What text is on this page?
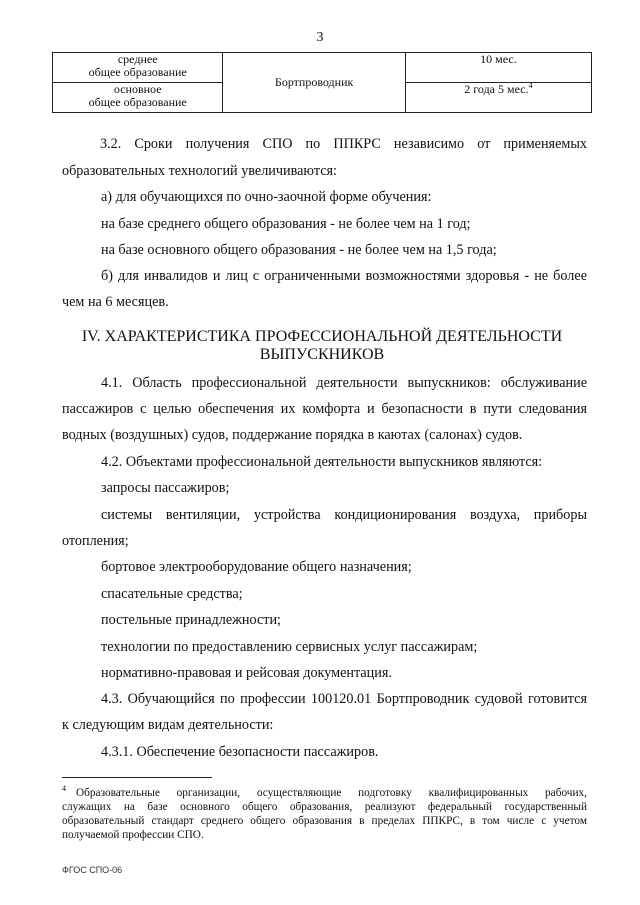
3
среднее
общее образование	Бортпроводник	10 мес.

основное
общее образование		2 года 5 мес.$^4$
3.2. Сроки получения СПО по ППКРС независимо от применяемых
образовательных технологий увеличиваются:
а) для обучающихся по очно-заочной форме обучения:
на базе среднего общего образования - не более чем на 1 год;
на базе основного общего образования - не более чем на 1,5 года;
б) для инвалидов и лиц с ограниченными возможностями здоровья - не более
чем на 6 месяцев.
IV. ХАРАКТЕРИСТИКА ПРОФЕССИОНАЛЬНОЙ ДЕЯТЕЛЬНОСТИ
ВЫПУСКНИКОВ
4.1. Область профессиональной деятельности выпускников: обслуживание
пассажиров с целью обеспечения их комфорта и безопасности в пути следования
водных (воздушных) судов, поддержание порядка в каютах (салонах) судов.
4.2. Объектами профессиональной деятельности выпускников являются:
запросы пассажиров;
системы вентиляции, устройства кондиционирования воздуха, приборы
отопления;
бортовое электрооборудование общего назначения;
спасательные средства;
постельные принадлежности;
технологии по предоставлению сервисных услуг пассажирам;
нормативно-правовая и рейсовая документация.
4.3. Обучающийся по профессии 100120.01 Бортпроводник судовой готовится
к следующим видам деятельности:
4.3.1. Обеспечение безопасности пассажиров.
4 Образовательные организации, осуществляющие подготовку квалифицированных рабочих,
служащих на базе основного общего образования, реализуют федеральный государственный
образовательный стандарт среднего общего образования в пределах ППКРС, в том числе с учетом
получаемой профессии СПО.
ФГОС СПО-06
